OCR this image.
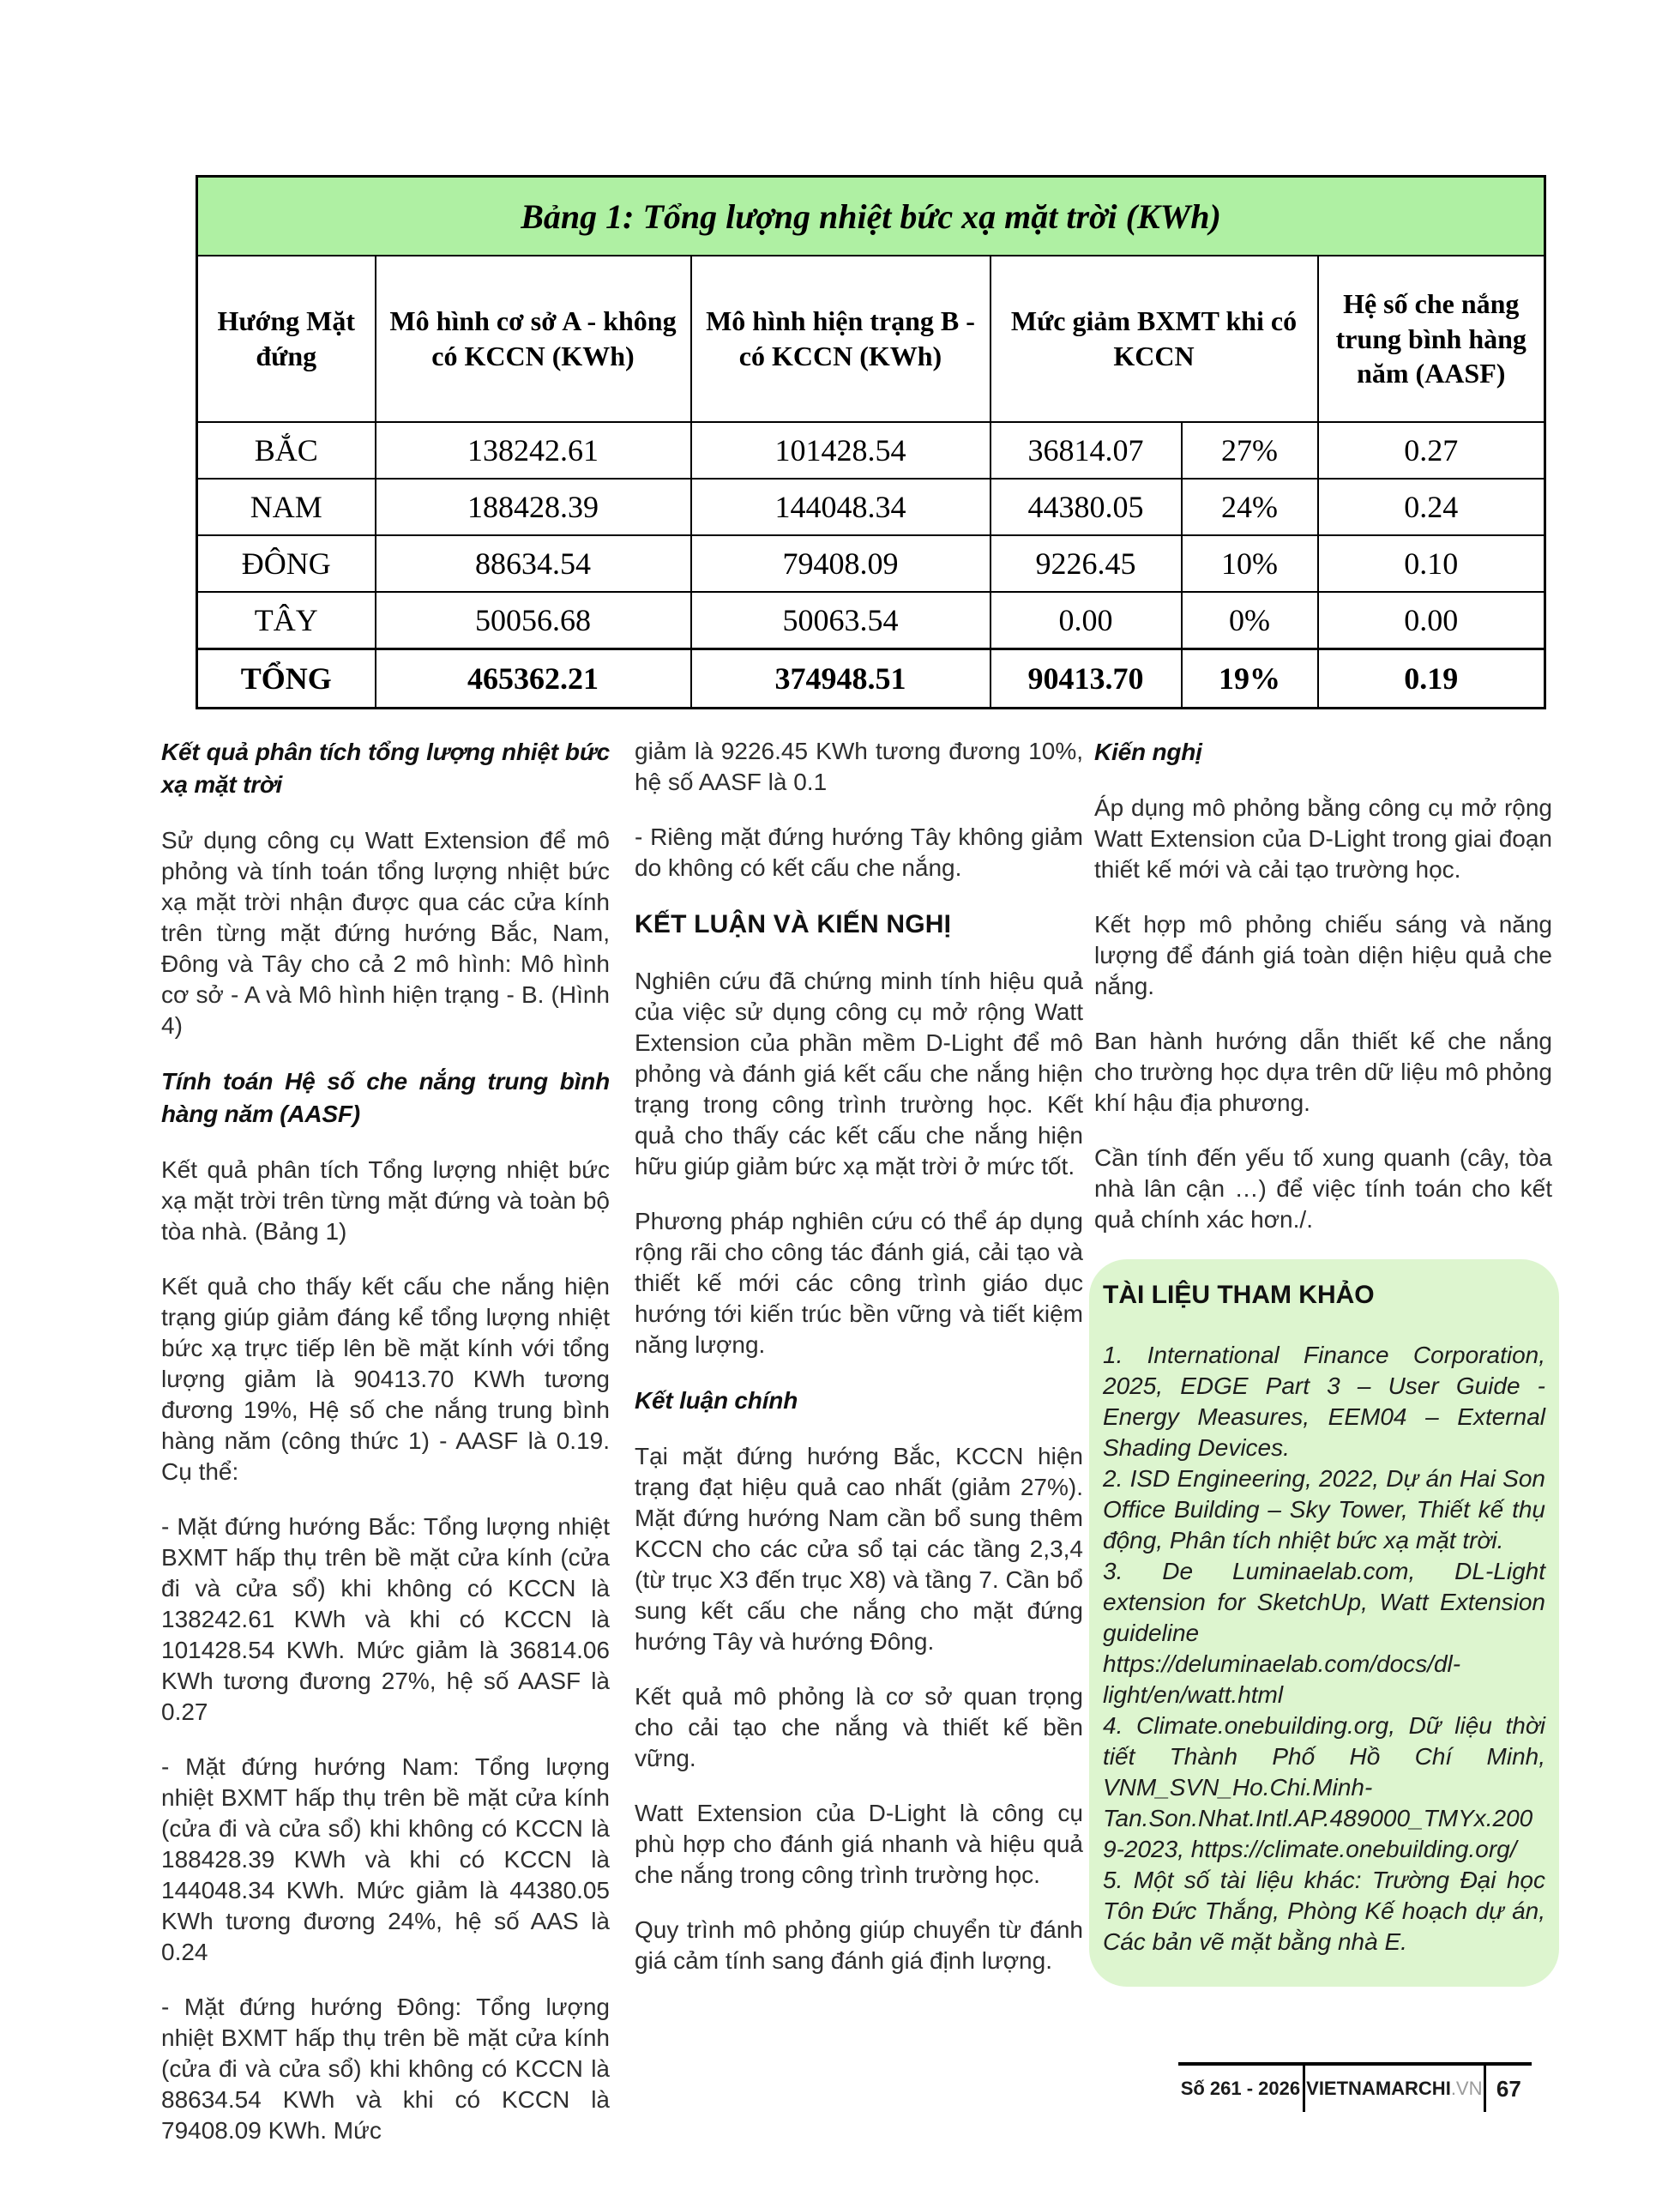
Bảng 1: Tổng lượng nhiệt bức xạ mặt trời (KWh)					
Hướng Mặt đứng	Mô hình cơ sở A - không có KCCN (KWh)	Mô hình hiện trạng B - có KCCN (KWh)	Mức giảm BXMT khi có KCCN		Hệ số che nắng trung bình hàng năm (AASF)
BẮC	138242.61	101428.54	36814.07	27%	0.27
NAM	188428.39	144048.34	44380.05	24%	0.24
ĐÔNG	88634.54	79408.09	9226.45	10%	0.10
TÂY	50056.68	50063.54	0.00	0%	0.00
TỔNG	465362.21	374948.51	90413.70	19%	0.19

Kết quả phân tích tổng lượng nhiệt bức xạ mặt trời

Sử dụng công cụ Watt Extension để mô phỏng và tính toán tổng lượng nhiệt bức xạ mặt trời nhận được qua các cửa kính trên từng mặt đứng hướng Bắc, Nam, Đông và Tây cho cả 2 mô hình: Mô hình cơ sở - A và Mô hình hiện trạng - B. (Hình 4)

Tính toán Hệ số che nắng trung bình hàng năm (AASF)

Kết quả phân tích Tổng lượng nhiệt bức xạ mặt trời trên từng mặt đứng và toàn bộ tòa nhà. (Bảng 1)

Kết quả cho thấy kết cấu che nắng hiện trạng giúp giảm đáng kể tổng lượng nhiệt bức xạ trực tiếp lên bề mặt kính với tổng lượng giảm là 90413.70 KWh tương đương 19%, Hệ số che nắng trung bình hàng năm (công thức 1) - AASF là 0.19. Cụ thể:

- Mặt đứng hướng Bắc: Tổng lượng nhiệt BXMT hấp thụ trên bề mặt cửa kính (cửa đi và cửa sổ) khi không có KCCN là 138242.61 KWh và khi có KCCN là 101428.54 KWh. Mức giảm là 36814.06 KWh tương đương 27%, hệ số AASF là 0.27

- Mặt đứng hướng Nam: Tổng lượng nhiệt BXMT hấp thụ trên bề mặt cửa kính (cửa đi và cửa sổ) khi không có KCCN là 188428.39 KWh và khi có KCCN là 144048.34 KWh. Mức giảm là 44380.05 KWh tương đương 24%, hệ số AAS là 0.24

- Mặt đứng hướng Đông: Tổng lượng nhiệt BXMT hấp thụ trên bề mặt cửa kính (cửa đi và cửa sổ) khi không có KCCN là 88634.54 KWh và khi có KCCN là 79408.09 KWh. Mức

giảm là 9226.45 KWh tương đương 10%, hệ số AASF là 0.1

- Riêng mặt đứng hướng Tây không giảm do không có kết cấu che nắng.

KẾT LUẬN VÀ KIẾN NGHỊ

Nghiên cứu đã chứng minh tính hiệu quả của việc sử dụng công cụ mở rộng Watt Extension của phần mềm D-Light để mô phỏng và đánh giá kết cấu che nắng hiện trạng trong công trình trường học. Kết quả cho thấy các kết cấu che nắng hiện hữu giúp giảm bức xạ mặt trời ở mức tốt.

Phương pháp nghiên cứu có thể áp dụng rộng rãi cho công tác đánh giá, cải tạo và thiết kế mới các công trình giáo dục hướng tới kiến trúc bền vững và tiết kiệm năng lượng.

Kết luận chính

Tại mặt đứng hướng Bắc, KCCN hiện trạng đạt hiệu quả cao nhất (giảm 27%). Mặt đứng hướng Nam cần bổ sung thêm KCCN cho các cửa sổ tại các tầng 2,3,4 (từ trục X3 đến trục X8) và tầng 7. Cần bổ sung kết cấu che nắng cho mặt đứng hướng Tây và hướng Đông.

Kết quả mô phỏng là cơ sở quan trọng cho cải tạo che nắng và thiết kế bền vững.

Watt Extension của D-Light là công cụ phù hợp cho đánh giá nhanh và hiệu quả che nắng trong công trình trường học.

Quy trình mô phỏng giúp chuyển từ đánh giá cảm tính sang đánh giá định lượng.

Kiến nghị

Áp dụng mô phỏng bằng công cụ mở rộng Watt Extension của D-Light trong giai đoạn thiết kế mới và cải tạo trường học.

Kết hợp mô phỏng chiếu sáng và năng lượng để đánh giá toàn diện hiệu quả che nắng.

Ban hành hướng dẫn thiết kế che nắng cho trường học dựa trên dữ liệu mô phỏng khí hậu địa phương.

Cần tính đến yếu tố xung quanh (cây, tòa nhà lân cận …) để việc tính toán cho kết quả chính xác hơn./.

TÀI LIỆU THAM KHẢO

1. International Finance Corporation, 2025, EDGE Part 3 – User Guide - Energy Measures, EEM04 – External Shading Devices.

2. ISD Engineering, 2022, Dự án Hai Son Office Building – Sky Tower, Thiết kế thụ động, Phân tích nhiệt bức xạ mặt trời.

3. De Luminaelab.com, DL-Light extension for SketchUp, Watt Extension guideline https://deluminaelab.com/docs/dl-light/en/watt.html

4. Climate.onebuilding.org, Dữ liệu thời tiết Thành Phố Hồ Chí Minh, VNM_SVN_Ho.Chi.Minh-Tan.Son.Nhat.Intl.AP.489000_TMYx.2009-2023, https://climate.onebuilding.org/

5. Một số tài liệu khác: Trường Đại học Tôn Đức Thắng, Phòng Kế hoạch dự án, Các bản vẽ mặt bằng nhà E.

Số 261 - 2026 VIETNAMARCHI .VN 67
